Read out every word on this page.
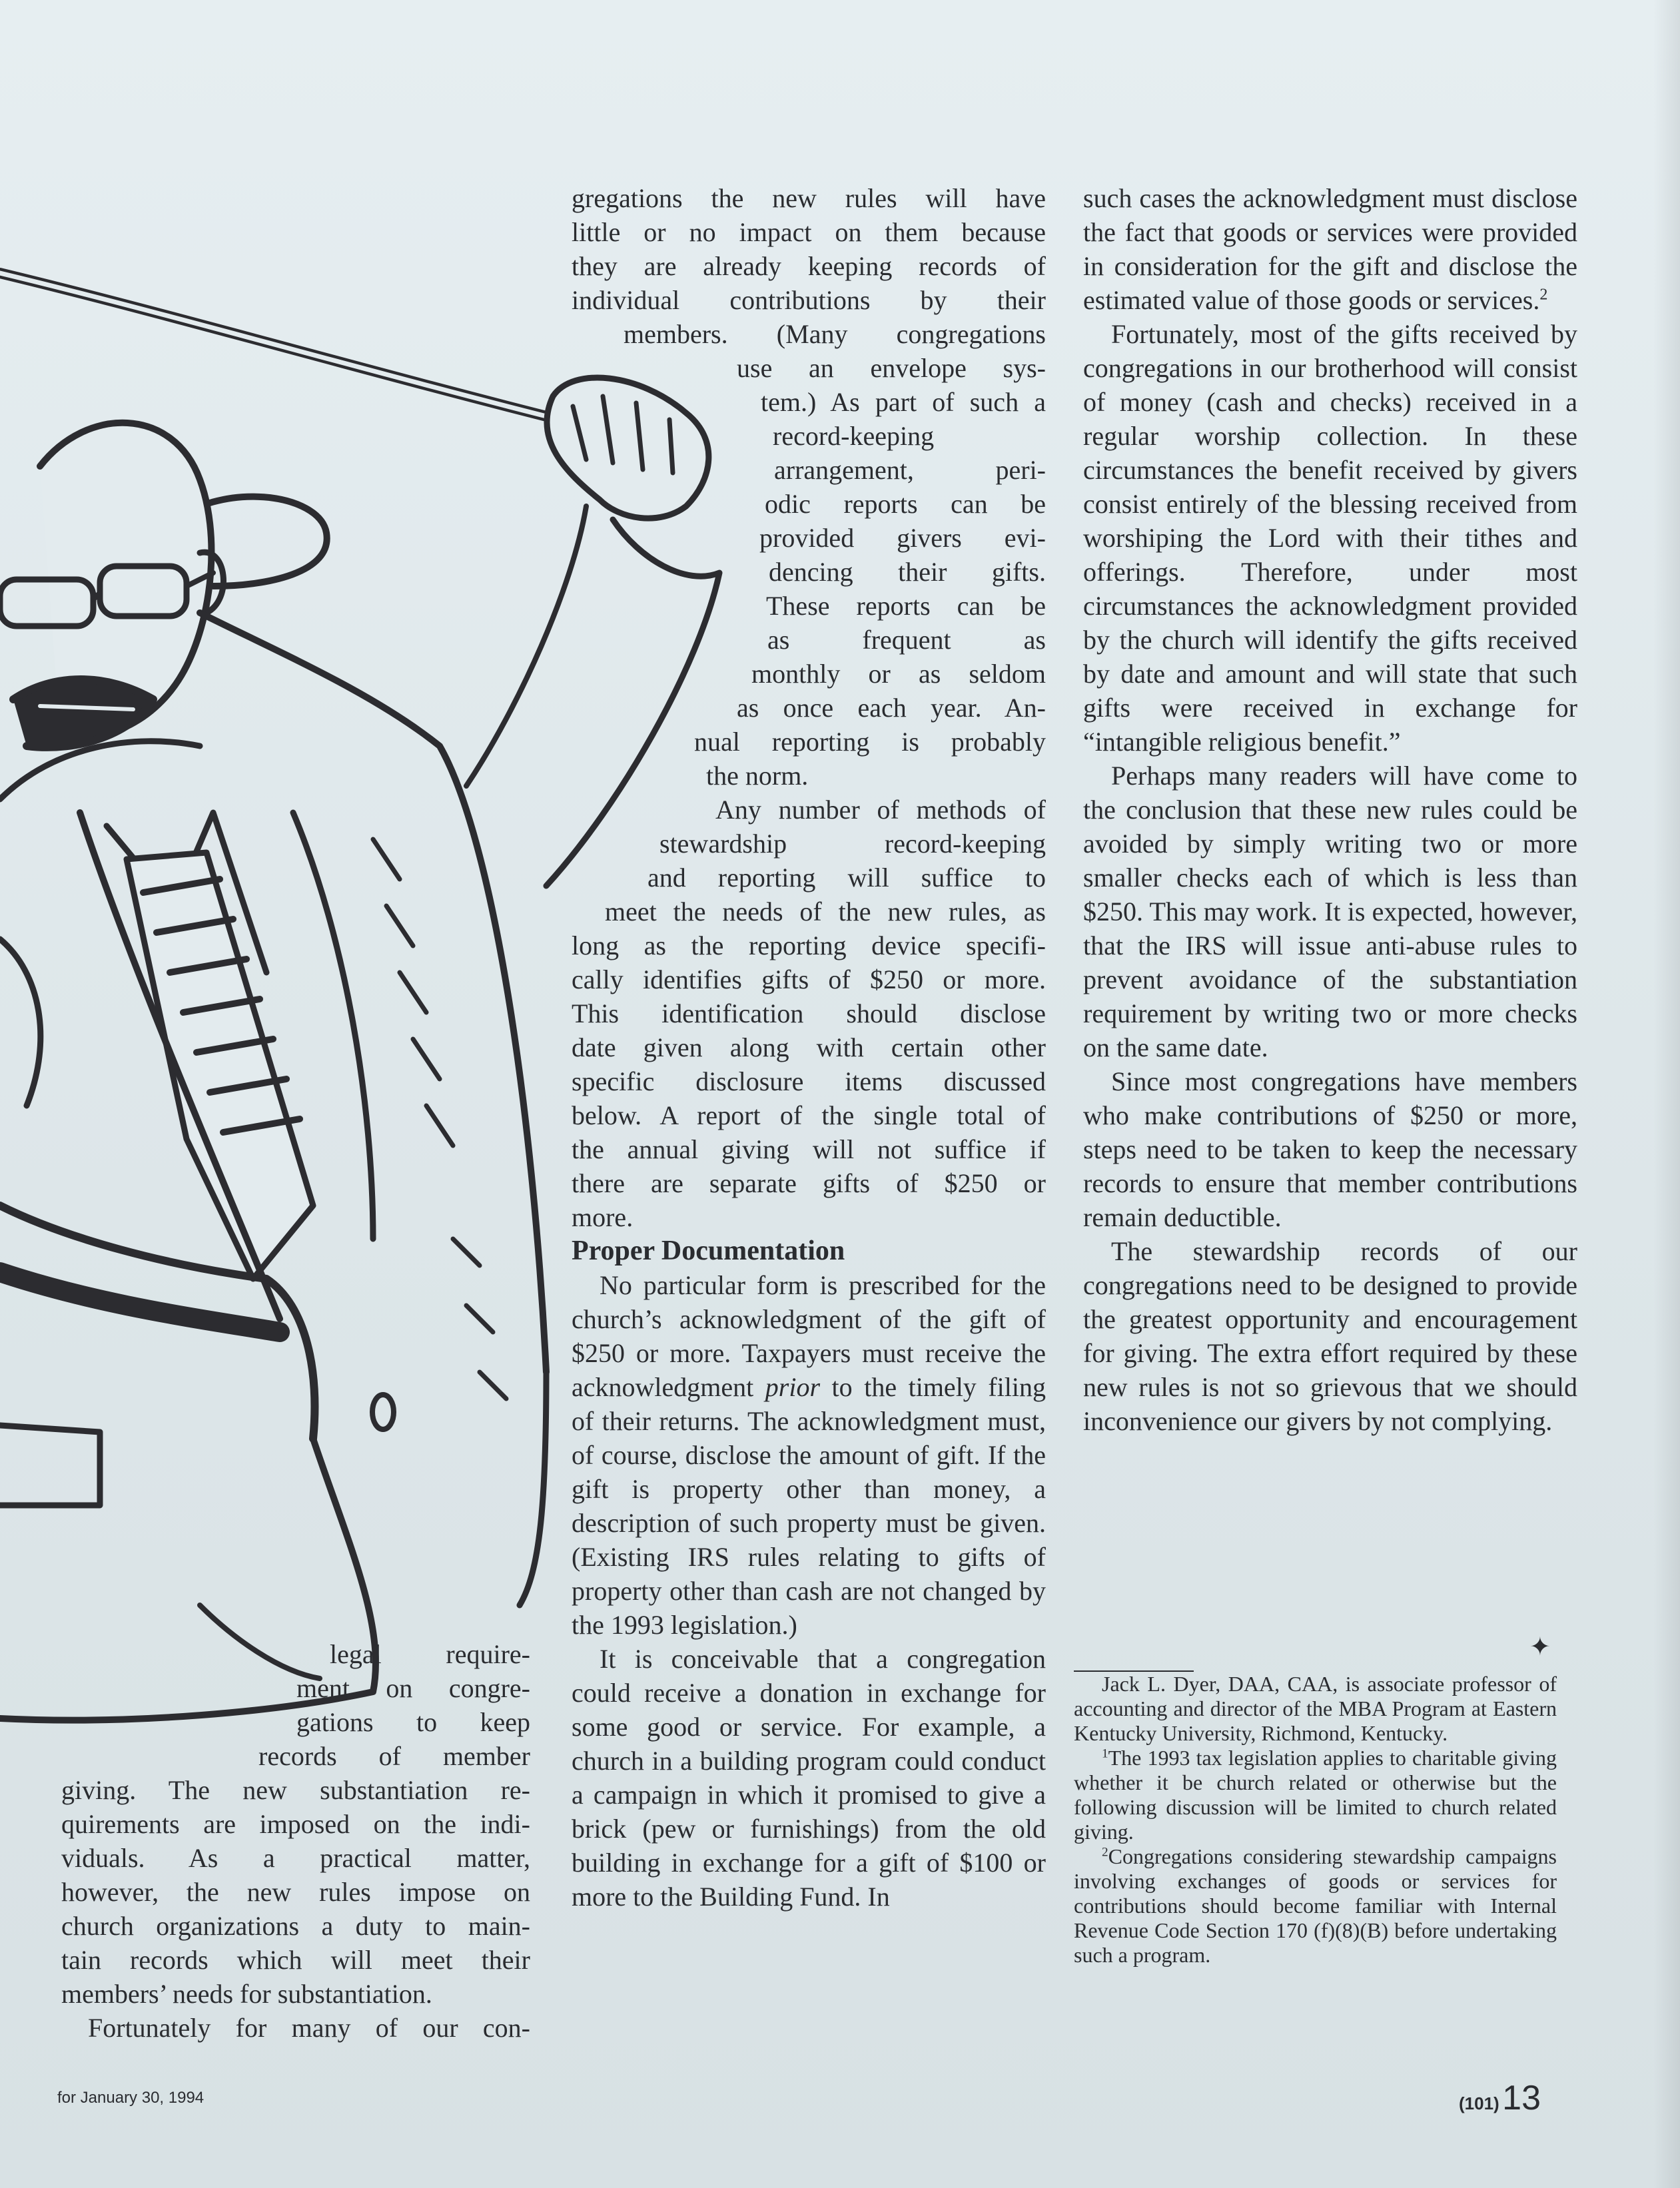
legal require-
ment on congre-
gations to keep
records of member
giving. The new substantiation re-
quirements are imposed on the indi-
viduals. As a practical matter,
however, the new rules impose on
church organizations a duty to main-
tain records which will meet their
members’ needs for substantiation.
Fortunately for many of our con-
gregations the new rules will have
little or no impact on them because
they are already keeping records of
individual contributions by their
members. (Many congregations
use an envelope sys-
tem.) As part of such a
record-keeping
arrangement, peri-
odic reports can be
provided givers evi-
dencing their gifts.
These reports can be
as frequent as
monthly or as seldom
as once each year. An-
nual reporting is probably
the norm.
Any number of methods of
stewardship record-keeping
and reporting will suffice to
meet the needs of the new rules, as
long as the reporting device specifi-
cally identifies gifts of $250 or more.
This identification should disclose
date given along with certain other
specific disclosure items discussed
below. A report of the single total of
the annual giving will not suffice if
there are separate gifts of $250 or
more.

Proper Documentation

No particular form is prescribed for the church’s acknowledgment of the gift of $250 or more. Taxpayers must receive the acknowledgment prior to the timely filing of their returns. The acknowledgment must, of course, disclose the amount of gift. If the gift is property other than money, a description of such property must be given. (Existing IRS rules relating to gifts of property other than cash are not changed by the 1993 legislation.)

It is conceivable that a congregation could receive a donation in exchange for some good or service. For example, a church in a building program could conduct a campaign in which it promised to give a brick (pew or furnishings) from the old building in exchange for a gift of $100 or more to the Building Fund. In

such cases the acknowledgment must disclose the fact that goods or services were provided in consideration for the gift and disclose the estimated value of those goods or services.$^2$

Fortunately, most of the gifts received by congregations in our brotherhood will consist of money (cash and checks) received in a regular worship collection. In these circumstances the benefit received by givers consist entirely of the blessing received from worshiping the Lord with their tithes and offerings. Therefore, under most circumstances the acknowledgment provided by the church will identify the gifts received by date and amount and will state that such gifts were received in exchange for “intangible religious benefit.”

Perhaps many readers will have come to the conclusion that these new rules could be avoided by simply writing two or more smaller checks each of which is less than $250. This may work. It is expected, however, that the IRS will issue anti-abuse rules to prevent avoidance of the substantiation requirement by writing two or more checks on the same date.

Since most congregations have members who make contributions of $250 or more, steps need to be taken to keep the necessary records to ensure that member contributions remain deductible.

The stewardship records of our congregations need to be designed to provide the greatest opportunity and encouragement for giving. The extra effort required by these new rules is not so grievous that we should inconvenience our givers by not complying.

✦

Jack L. Dyer, DAA, CAA, is associate professor of accounting and director of the MBA Program at Eastern Kentucky University, Richmond, Kentucky.

$^1$The 1993 tax legislation applies to charitable giving whether it be church related or otherwise but the following discussion will be limited to church related giving.

$^2$Congregations considering stewardship campaigns involving exchanges of goods or services for contributions should become familiar with Internal Revenue Code Section 170 (f)(8)(B) before undertaking such a program.

for January 30, 1994	(101) 13
